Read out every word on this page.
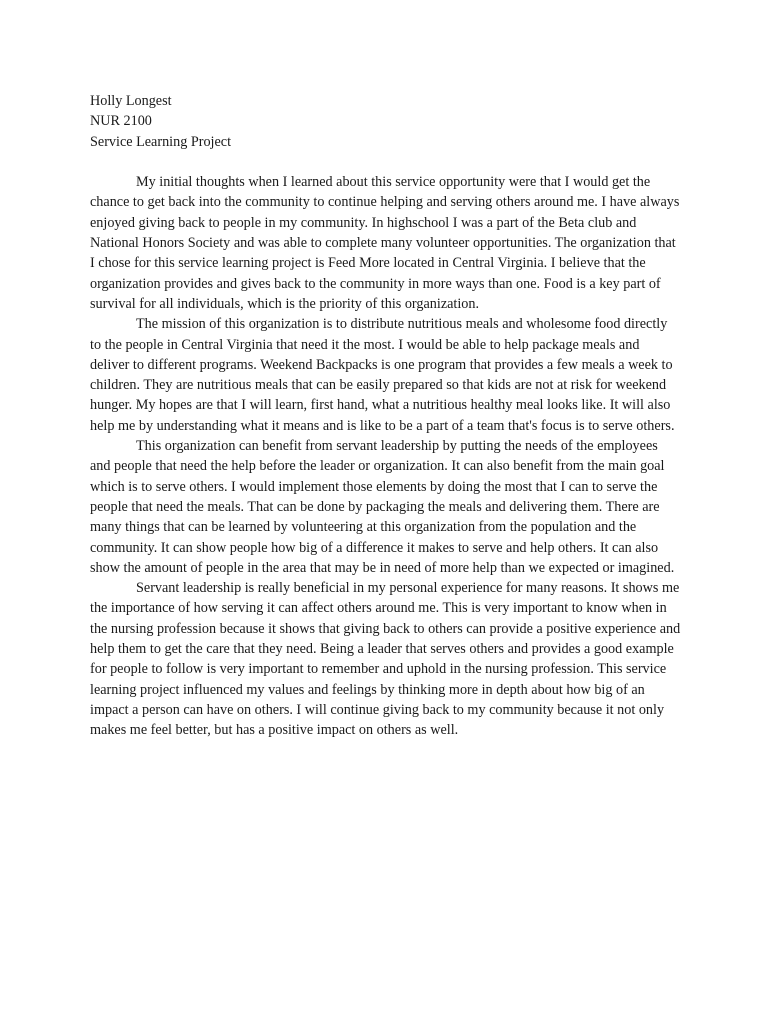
Holly Longest

NUR 2100

Service Learning Project

My initial thoughts when I learned about this service opportunity were that I would get the chance to get back into the community to continue helping and serving others around me. I have always enjoyed giving back to people in my community. In highschool I was a part of the Beta club and National Honors Society and was able to complete many volunteer opportunities. The organization that I chose for this service learning project is Feed More located in Central Virginia. I believe that the organization provides and gives back to the community in more ways than one. Food is a key part of survival for all individuals, which is the priority of this organization.

The mission of this organization is to distribute nutritious meals and wholesome food directly to the people in Central Virginia that need it the most. I would be able to help package meals and deliver to different programs. Weekend Backpacks is one program that provides a few meals a week to children. They are nutritious meals that can be easily prepared so that kids are not at risk for weekend hunger. My hopes are that I will learn, first hand, what a nutritious healthy meal looks like. It will also help me by understanding what it means and is like to be a part of a team that's focus is to serve others.

This organization can benefit from servant leadership by putting the needs of the employees and people that need the help before the leader or organization. It can also benefit from the main goal which is to serve others. I would implement those elements by doing the most that I can to serve the people that need the meals. That can be done by packaging the meals and delivering them. There are many things that can be learned by volunteering at this organization from the population and the community. It can show people how big of a difference it makes to serve and help others. It can also show the amount of people in the area that may be in need of more help than we expected or imagined.

Servant leadership is really beneficial in my personal experience for many reasons. It shows me the importance of how serving it can affect others around me. This is very important to know when in the nursing profession because it shows that giving back to others can provide a positive experience and help them to get the care that they need. Being a leader that serves others and provides a good example for people to follow is very important to remember and uphold in the nursing profession. This service learning project influenced my values and feelings by thinking more in depth about how big of an impact a person can have on others. I will continue giving back to my community because it not only makes me feel better, but has a positive impact on others as well.
